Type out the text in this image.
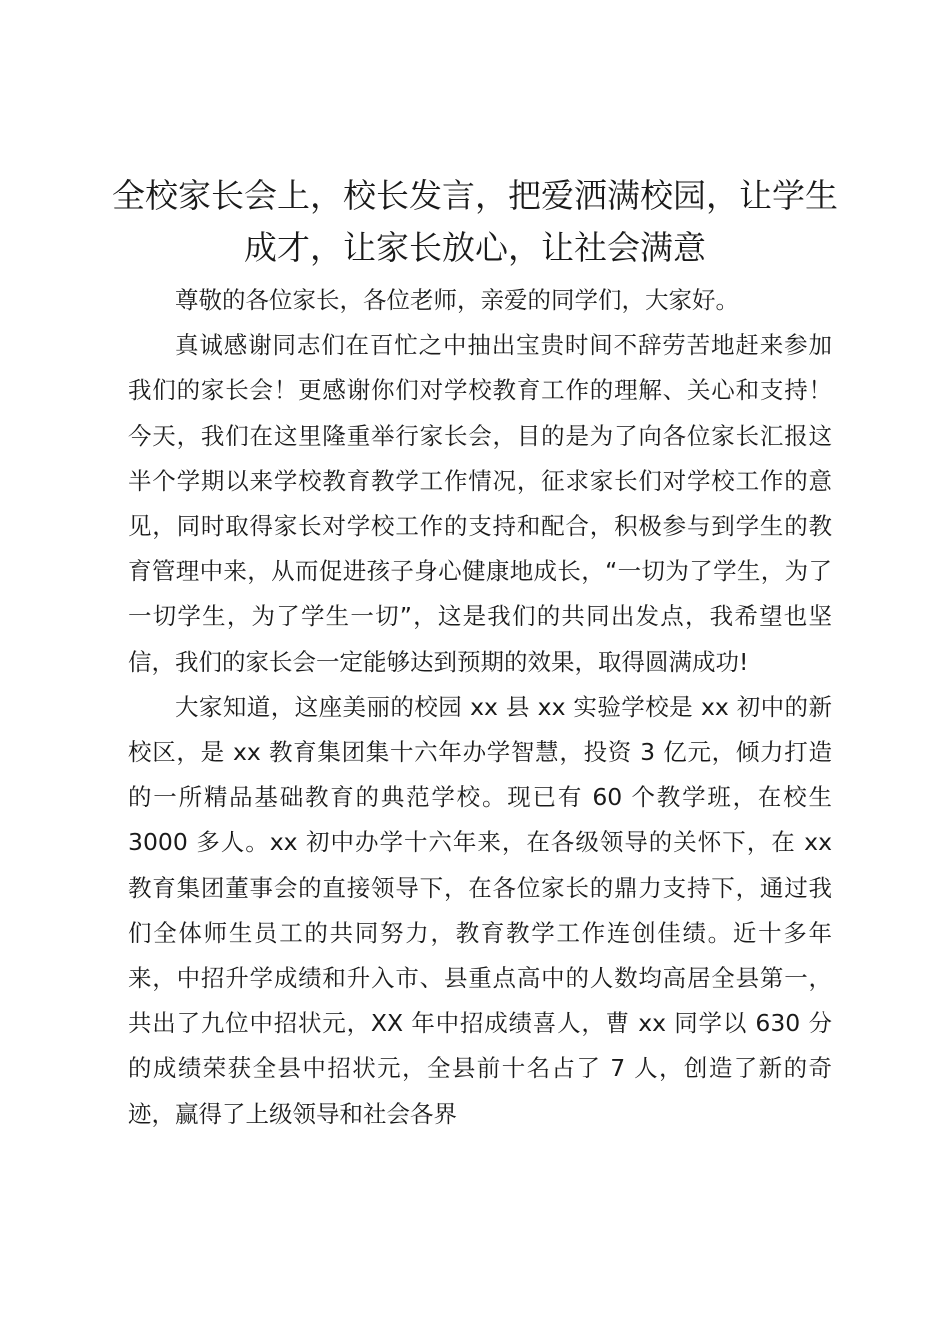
全校家长会上，校长发言，把爱洒满校园，让学生成才，让家长放心，让社会满意

尊敬的各位家长，各位老师，亲爱的同学们，大家好。

真诚感谢同志们在百忙之中抽出宝贵时间不辞劳苦地赶来参加我们的家长会！更感谢你们对学校教育工作的理解、关心和支持！今天，我们在这里隆重举行家长会，目的是为了向各位家长汇报这半个学期以来学校教育教学工作情况，征求家长们对学校工作的意见，同时取得家长对学校工作的支持和配合，积极参与到学生的教育管理中来，从而促进孩子身心健康地成长，“一切为了学生，为了一切学生，为了学生一切”，这是我们的共同出发点，我希望也坚信，我们的家长会一定能够达到预期的效果，取得圆满成功!

大家知道，这座美丽的校园 xx 县 xx 实验学校是 xx 初中的新校区，是 xx 教育集团集十六年办学智慧，投资 3 亿元，倾力打造的一所精品基础教育的典范学校。现已有 60 个教学班，在校生 3000 多人。xx 初中办学十六年来，在各级领导的关怀下，在 xx 教育集团董事会的直接领导下，在各位家长的鼎力支持下，通过我们全体师生员工的共同努力，教育教学工作连创佳绩。近十多年来，中招升学成绩和升入市、县重点高中的人数均高居全县第一，共出了九位中招状元，XX 年中招成绩喜人，曹 xx 同学以 630 分的成绩荣获全县中招状元，全县前十名占了 7 人，创造了新的奇迹，赢得了上级领导和社会各界
